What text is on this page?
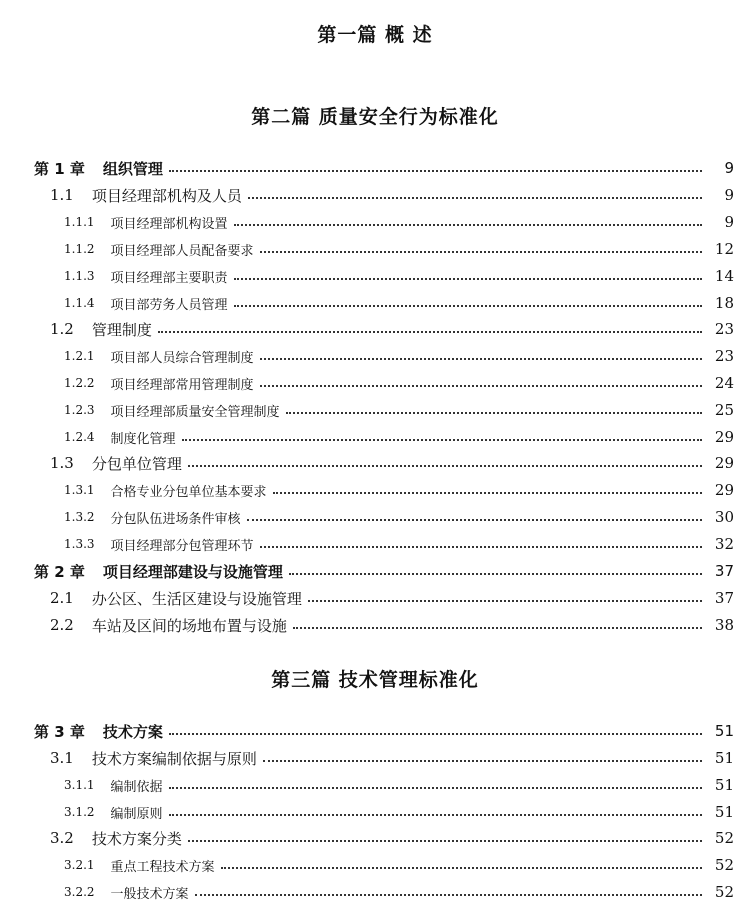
第一篇 概 述
第二篇 质量安全行为标准化
第三篇 技术管理标准化
第 1 章 组织管理	9
1.1 项目经理部机构及人员	9
1.1.1 项目经理部机构设置	9
1.1.2 项目经理部人员配备要求	12
1.1.3 项目经理部主要职责	14
1.1.4 项目部劳务人员管理	18
1.2 管理制度	23
1.2.1 项目部人员综合管理制度	23
1.2.2 项目经理部常用管理制度	24
1.2.3 项目经理部质量安全管理制度	25
1.2.4 制度化管理	29
1.3 分包单位管理	29
1.3.1 合格专业分包单位基本要求	29
1.3.2 分包队伍进场条件审核	30
1.3.3 项目经理部分包管理环节	32
第 2 章 项目经理部建设与设施管理	37
2.1 办公区、生活区建设与设施管理	37
2.2 车站及区间的场地布置与设施	38
第 3 章 技术方案	51
3.1 技术方案编制依据与原则	51
3.1.1 编制依据	51
3.1.2 编制原则	51
3.2 技术方案分类	52
3.2.1 重点工程技术方案	52
3.2.2 一般技术方案	52
